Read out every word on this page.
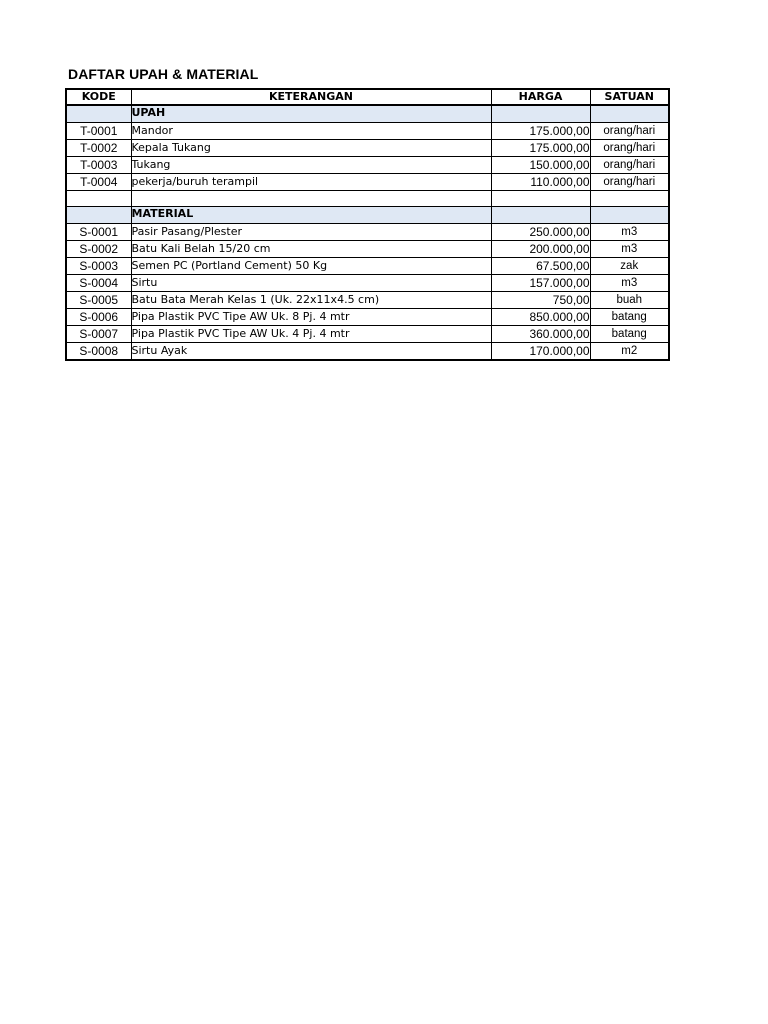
DAFTAR UPAH & MATERIAL
KODE	KETERANGAN	HARGA	SATUAN
	UPAH		
T-0001	Mandor	175.000,00	orang/hari
T-0002	Kepala Tukang	175.000,00	orang/hari
T-0003	Tukang	150.000,00	orang/hari
T-0004	pekerja/buruh terampil	110.000,00	orang/hari

	MATERIAL		
S-0001	Pasir Pasang/Plester	250.000,00	m3
S-0002	Batu Kali Belah 15/20 cm	200.000,00	m3
S-0003	Semen PC (Portland Cement) 50 Kg	67.500,00	zak
S-0004	Sirtu	157.000,00	m3
S-0005	Batu Bata Merah Kelas 1 (Uk. 22x11x4.5 cm)	750,00	buah
S-0006	Pipa Plastik PVC Tipe AW Uk. 8 Pj. 4 mtr	850.000,00	batang
S-0007	Pipa Plastik PVC Tipe AW Uk. 4 Pj. 4 mtr	360.000,00	batang
S-0008	Sirtu Ayak	170.000,00	m2
